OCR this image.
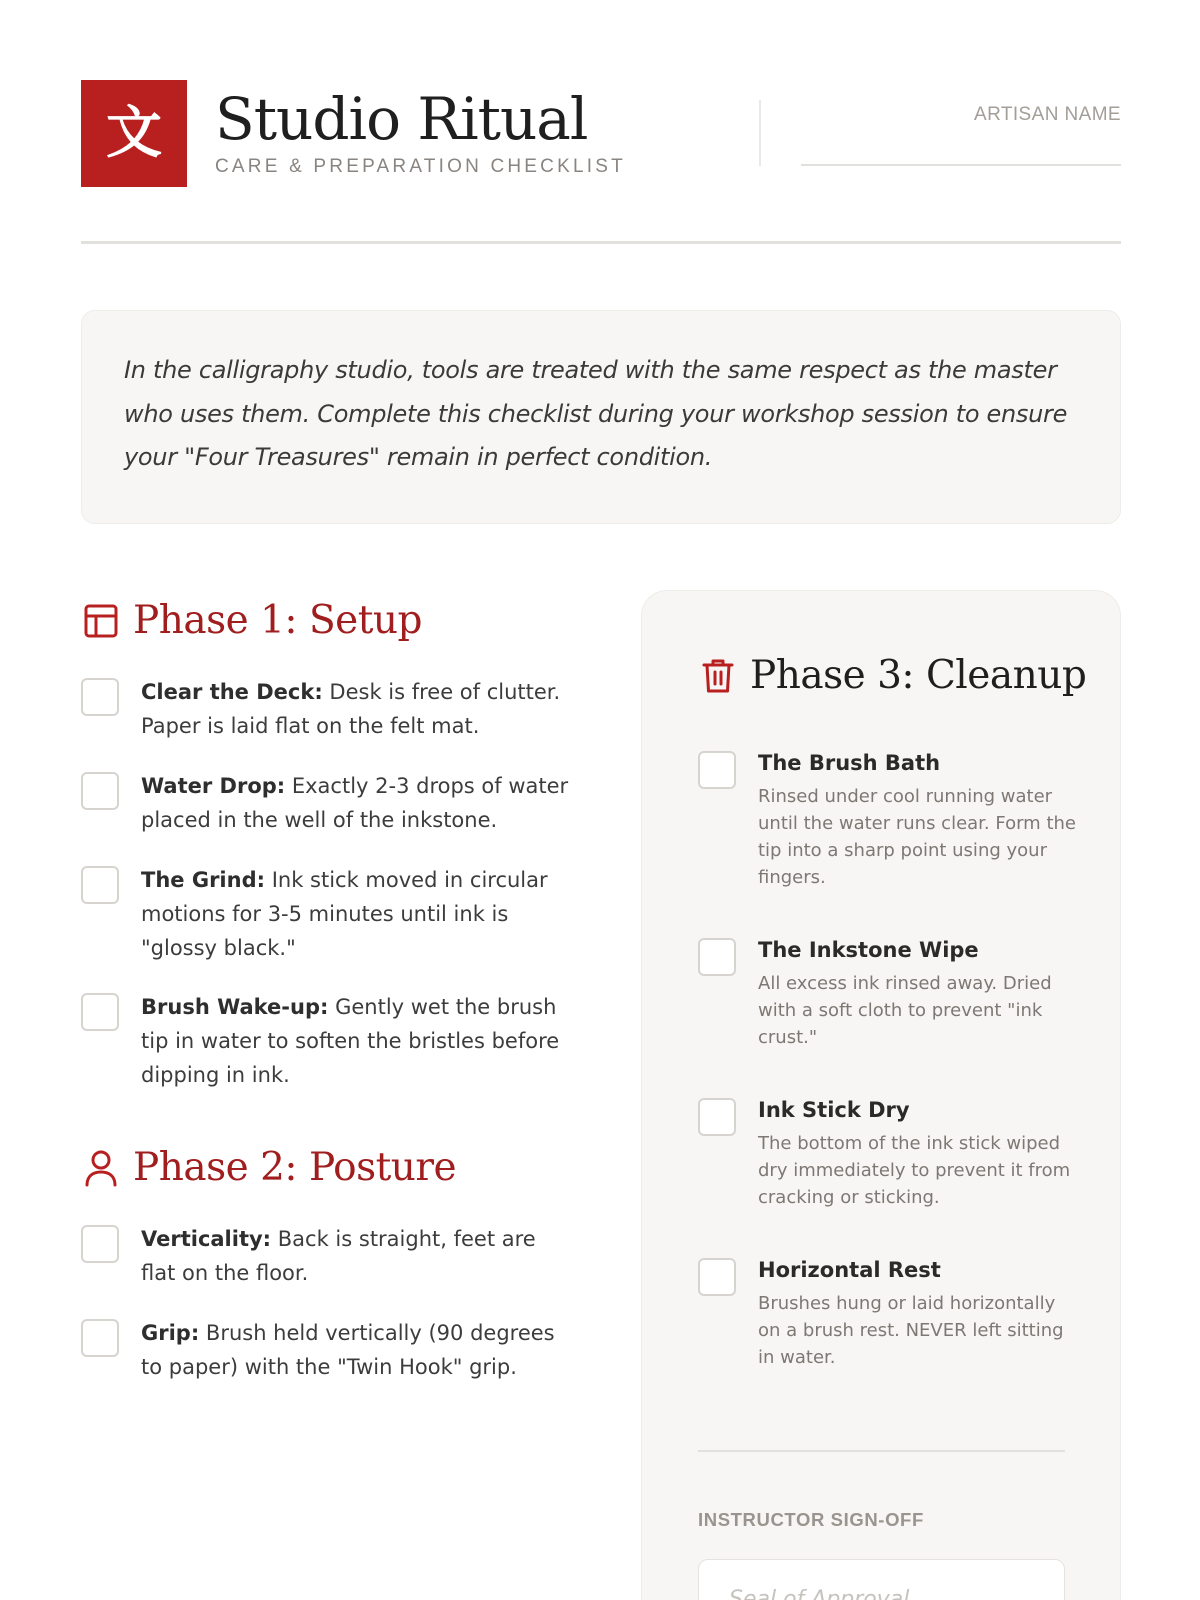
文 Studio Ritual
CARE & PREPARATION CHECKLIST
ARTISAN NAME

In the calligraphy studio, tools are treated with the same respect as the master who uses them. Complete this checklist during your workshop session to ensure your "Four Treasures" remain in perfect condition.

Phase 1: Setup
Clear the Deck: Desk is free of clutter. Paper is laid flat on the felt mat.
Water Drop: Exactly 2-3 drops of water placed in the well of the inkstone.
The Grind: Ink stick moved in circular motions for 3-5 minutes until ink is "glossy black."
Brush Wake-up: Gently wet the brush tip in water to soften the bristles before dipping in ink.
Phase 2: Posture
Verticality: Back is straight, feet are flat on the floor.
Grip: Brush held vertically (90 degrees to paper) with the "Twin Hook" grip.
Phase 3: Cleanup
The Brush Bath
Rinsed under cool running water until the water runs clear. Form the tip into a sharp point using your fingers.
The Inkstone Wipe
All excess ink rinsed away. Dried with a soft cloth to prevent "ink crust."
Ink Stick Dry
The bottom of the ink stick wiped dry immediately to prevent it from cracking or sticking.
Horizontal Rest
Brushes hung or laid horizontally on a brush rest. NEVER left sitting in water.
INSTRUCTOR SIGN-OFF
Seal of Approval
